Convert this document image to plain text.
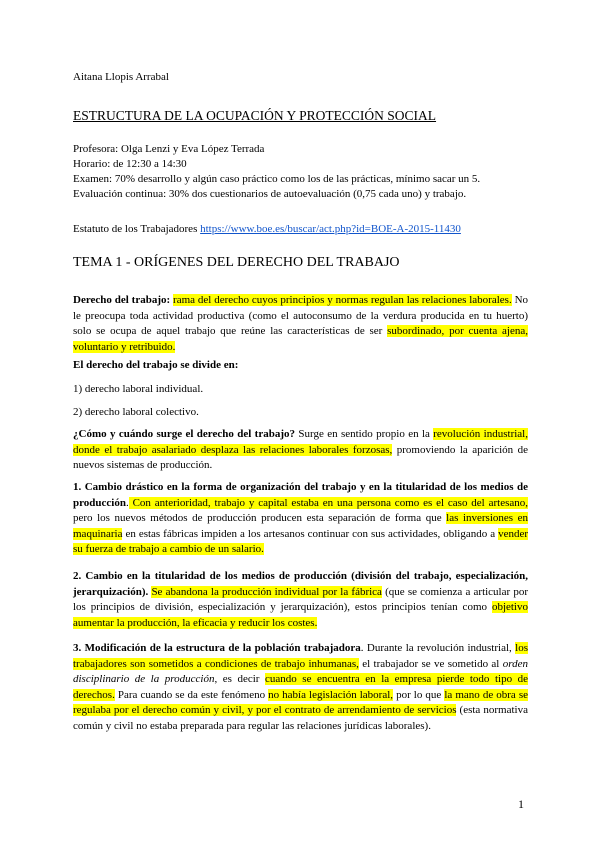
Aitana Llopis Arrabal
ESTRUCTURA DE LA OCUPACIÓN Y PROTECCIÓN SOCIAL
Profesora: Olga Lenzi y Eva López Terrada
Horario: de 12:30 a 14:30
Examen: 70% desarrollo y algún caso práctico como los de las prácticas, mínimo sacar un 5.
Evaluación continua: 30% dos cuestionarios de autoevaluación (0,75 cada uno) y trabajo.
Estatuto de los Trabajadores https://www.boe.es/buscar/act.php?id=BOE-A-2015-11430
TEMA 1 - ORÍGENES DEL DERECHO DEL TRABAJO
Derecho del trabajo: rama del derecho cuyos principios y normas regulan las relaciones laborales. No le preocupa toda actividad productiva (como el autoconsumo de la verdura producida en tu huerto) solo se ocupa de aquel trabajo que reúne las características de ser subordinado, por cuenta ajena, voluntario y retribuido.
El derecho del trabajo se divide en:
1) derecho laboral individual.
2) derecho laboral colectivo.
¿Cómo y cuándo surge el derecho del trabajo? Surge en sentido propio en la revolución industrial, donde el trabajo asalariado desplaza las relaciones laborales forzosas, promoviendo la aparición de nuevos sistemas de producción.
1. Cambio drástico en la forma de organización del trabajo y en la titularidad de los medios de producción. Con anterioridad, trabajo y capital estaba en una persona como es el caso del artesano, pero los nuevos métodos de producción producen esta separación de forma que las inversiones en maquinaria en estas fábricas impiden a los artesanos continuar con sus actividades, obligando a vender su fuerza de trabajo a cambio de un salario.
2. Cambio en la titularidad de los medios de producción (división del trabajo, especialización, jerarquización). Se abandona la producción individual por la fábrica (que se comienza a articular por los principios de división, especialización y jerarquización), estos principios tenían como objetivo aumentar la producción, la eficacia y reducir los costes.
3. Modificación de la estructura de la población trabajadora. Durante la revolución industrial, los trabajadores son sometidos a condiciones de trabajo inhumanas, el trabajador se ve sometido al orden disciplinario de la producción, es decir cuando se encuentra en la empresa pierde todo tipo de derechos. Para cuando se da este fenómeno no había legislación laboral, por lo que la mano de obra se regulaba por el derecho común y civil, y por el contrato de arrendamiento de servicios (esta normativa común y civil no estaba preparada para regular las relaciones jurídicas laborales).
1
